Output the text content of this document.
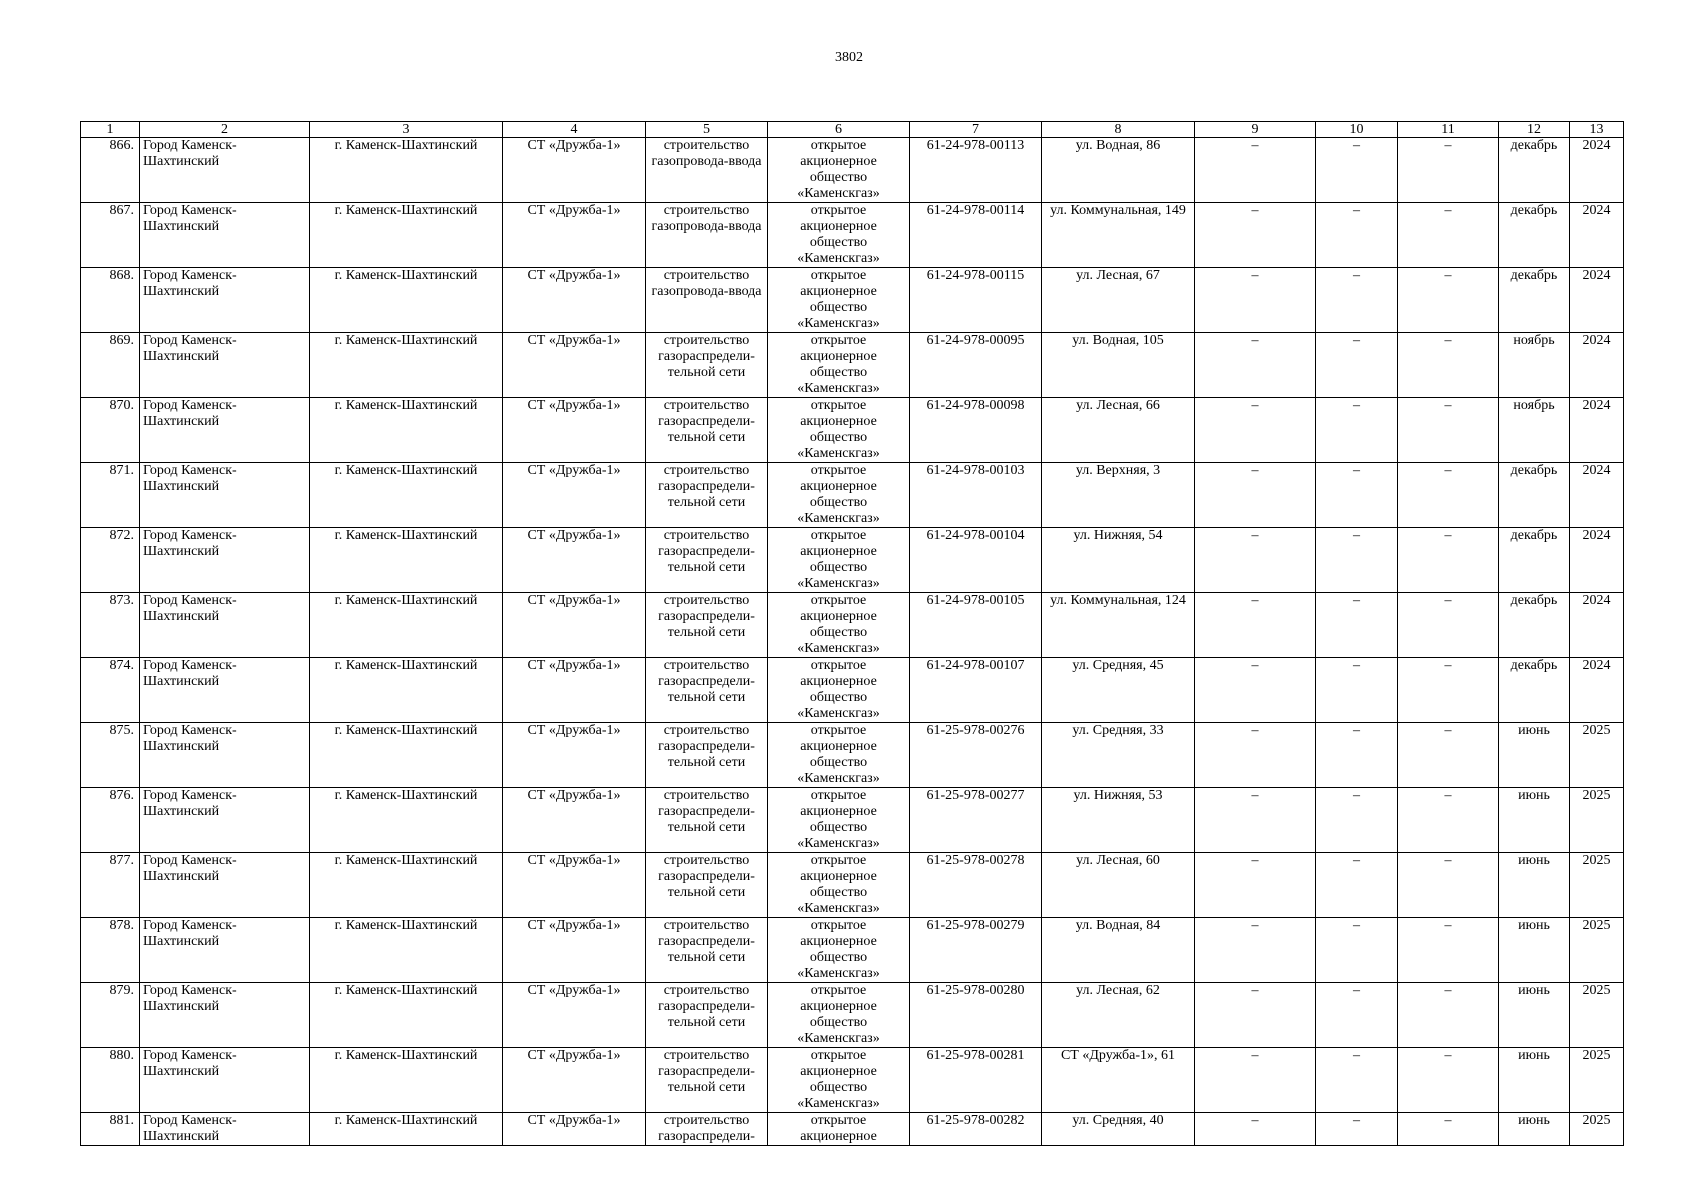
3802
1	2	3	4	5	6	7	8	9	10	11	12	13
866.	Город Каменск-Шахтинский	г. Каменск-Шахтинский	СТ «Дружба-1»	строительство газопровода-ввода	открытое акционерное общество «Каменскгаз»	61-24-978-00113	ул. Водная, 86	–	–	–	декабрь	2024
867.	Город Каменск-Шахтинский	г. Каменск-Шахтинский	СТ «Дружба-1»	строительство газопровода-ввода	открытое акционерное общество «Каменскгаз»	61-24-978-00114	ул. Коммунальная, 149	–	–	–	декабрь	2024
868.	Город Каменск-Шахтинский	г. Каменск-Шахтинский	СТ «Дружба-1»	строительство газопровода-ввода	открытое акционерное общество «Каменскгаз»	61-24-978-00115	ул. Лесная, 67	–	–	–	декабрь	2024
869.	Город Каменск-Шахтинский	г. Каменск-Шахтинский	СТ «Дружба-1»	строительство газораспредели-тельной сети	открытое акционерное общество «Каменскгаз»	61-24-978-00095	ул. Водная, 105	–	–	–	ноябрь	2024
870.	Город Каменск-Шахтинский	г. Каменск-Шахтинский	СТ «Дружба-1»	строительство газораспредели-тельной сети	открытое акционерное общество «Каменскгаз»	61-24-978-00098	ул. Лесная, 66	–	–	–	ноябрь	2024
871.	Город Каменск-Шахтинский	г. Каменск-Шахтинский	СТ «Дружба-1»	строительство газораспредели-тельной сети	открытое акционерное общество «Каменскгаз»	61-24-978-00103	ул. Верхняя, 3	–	–	–	декабрь	2024
872.	Город Каменск-Шахтинский	г. Каменск-Шахтинский	СТ «Дружба-1»	строительство газораспредели-тельной сети	открытое акционерное общество «Каменскгаз»	61-24-978-00104	ул. Нижняя, 54	–	–	–	декабрь	2024
873.	Город Каменск-Шахтинский	г. Каменск-Шахтинский	СТ «Дружба-1»	строительство газораспредели-тельной сети	открытое акционерное общество «Каменскгаз»	61-24-978-00105	ул. Коммунальная, 124	–	–	–	декабрь	2024
874.	Город Каменск-Шахтинский	г. Каменск-Шахтинский	СТ «Дружба-1»	строительство газораспредели-тельной сети	открытое акционерное общество «Каменскгаз»	61-24-978-00107	ул. Средняя, 45	–	–	–	декабрь	2024
875.	Город Каменск-Шахтинский	г. Каменск-Шахтинский	СТ «Дружба-1»	строительство газораспредели-тельной сети	открытое акционерное общество «Каменскгаз»	61-25-978-00276	ул. Средняя, 33	–	–	–	июнь	2025
876.	Город Каменск-Шахтинский	г. Каменск-Шахтинский	СТ «Дружба-1»	строительство газораспредели-тельной сети	открытое акционерное общество «Каменскгаз»	61-25-978-00277	ул. Нижняя, 53	–	–	–	июнь	2025
877.	Город Каменск-Шахтинский	г. Каменск-Шахтинский	СТ «Дружба-1»	строительство газораспредели-тельной сети	открытое акционерное общество «Каменскгаз»	61-25-978-00278	ул. Лесная, 60	–	–	–	июнь	2025
878.	Город Каменск-Шахтинский	г. Каменск-Шахтинский	СТ «Дружба-1»	строительство газораспредели-тельной сети	открытое акционерное общество «Каменскгаз»	61-25-978-00279	ул. Водная, 84	–	–	–	июнь	2025
879.	Город Каменск-Шахтинский	г. Каменск-Шахтинский	СТ «Дружба-1»	строительство газораспредели-тельной сети	открытое акционерное общество «Каменскгаз»	61-25-978-00280	ул. Лесная, 62	–	–	–	июнь	2025
880.	Город Каменск-Шахтинский	г. Каменск-Шахтинский	СТ «Дружба-1»	строительство газораспредели-тельной сети	открытое акционерное общество «Каменскгаз»	61-25-978-00281	СТ «Дружба-1», 61	–	–	–	июнь	2025
881.	Город Каменск-Шахтинский	г. Каменск-Шахтинский	СТ «Дружба-1»	строительство газораспредели-	открытое акционерное	61-25-978-00282	ул. Средняя, 40	–	–	–	июнь	2025
